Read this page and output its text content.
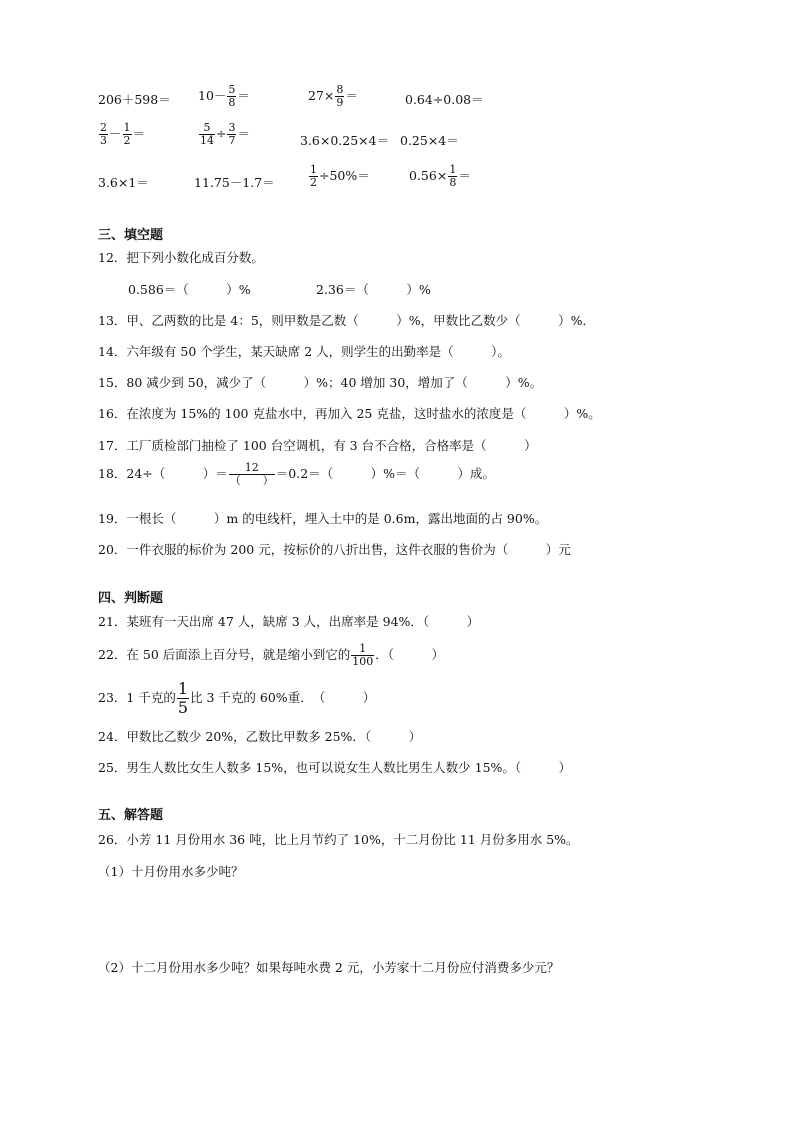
$206+598= 10- \frac{5}{8}$ ＝	$27\times \frac{8}{9}$ ＝	0.64÷0.08＝
$\frac{2}{3} - \frac{1}{2}$ ＝	$\frac{5}{14} \div \frac{3}{7}$ ＝	3.6×0.25×4＝ 0.25×4＝
3.6×1＝	11.75－1.7＝	$\frac{1}{2} \div 50\%=$	$0.56\times \frac{1}{8}$ ＝
三、填空题
12．把下列小数化成百分数。
0.586＝（　　　）%	2.36＝（　　　）%
13．甲、乙两数的比是 4：5，则甲数是乙数（　　　）%，甲数比乙数少（　　　）%．
14．六年级有 50 个学生，某天缺席 2 人，则学生的出勤率是（　　　）。
15．80 减少到 50，减少了（　　　）%；40 增加 30，增加了（　　　）%。
16．在浓度为 15%的 100 克盐水中，再加入 25 克盐，这时盐水的浓度是（　　　）%。
17．工厂质检部门抽检了 100 台空调机，有 3 台不合格，合格率是（　　　）
18．24÷（　　　）＝ $\frac{12}{( )} =0.2=$（　　　）%＝（　　　）成。
19．一根长（　　　）m 的电线杆，埋入土中的是 0.6m，露出地面的占 90%。
20．一件衣服的标价为 200 元，按标价的八折出售，这件衣服的售价为（　　　）元
四、判断题
21．某班有一天出席 47 人，缺席 3 人，出席率是 94%．（　　　）
22．在 50 后面添上百分号，就是缩小到它的 $\frac{1}{100}$ ．（　　　）
23．1 千克的 $\frac{1}{5}$ 比 3 千克的 60%重．　（　　　）
24．甲数比乙数少 20%，乙数比甲数多 25%．（　　　）
25．男生人数比女生人数多 15%，也可以说女生人数比男生人数少 15%。（　　　）
五、解答题
26．小芳 11 月份用水 36 吨，比上月节约了 10%，十二月份比 11 月份多用水 5%。
（1）十月份用水多少吨？
（2）十二月份用水多少吨？如果每吨水费 2 元，小芳家十二月份应付消费多少元？
